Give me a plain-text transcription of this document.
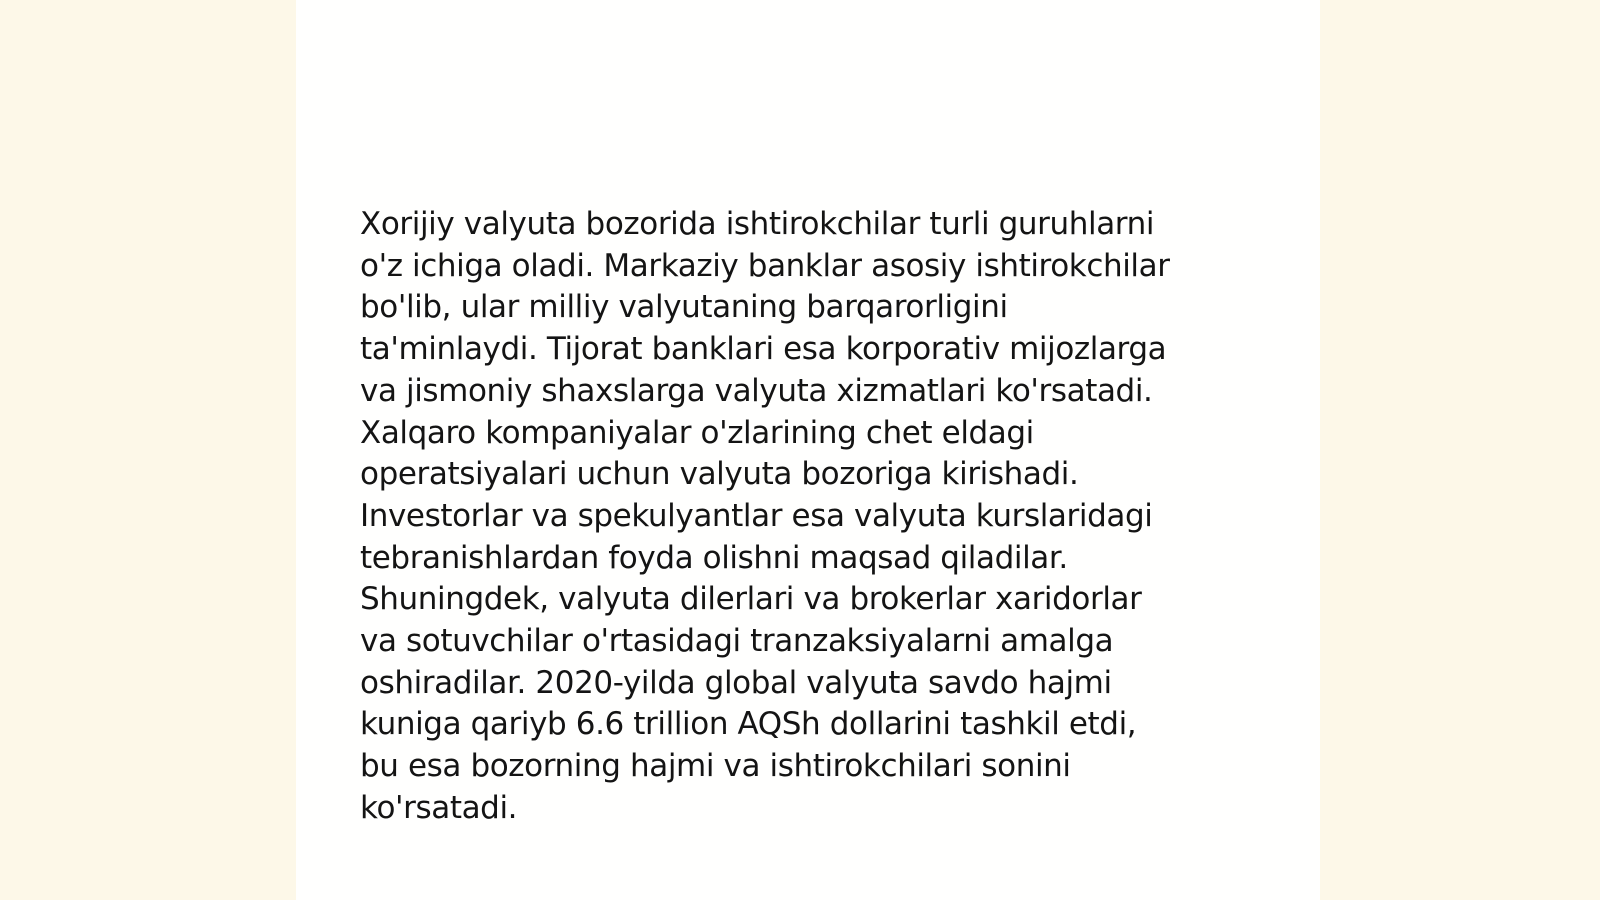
Xorijiy valyuta bozorida ishtirokchilar turli guruhlarni
o'z ichiga oladi. Markaziy banklar asosiy ishtirokchilar
bo'lib, ular milliy valyutaning barqarorligini
ta'minlaydi. Tijorat banklari esa korporativ mijozlarga
va jismoniy shaxslarga valyuta xizmatlari ko'rsatadi.
Xalqaro kompaniyalar o'zlarining chet eldagi
operatsiyalari uchun valyuta bozoriga kirishadi.
Investorlar va spekulyantlar esa valyuta kurslaridagi
tebranishlardan foyda olishni maqsad qiladilar.
Shuningdek, valyuta dilerlari va brokerlar xaridorlar
va sotuvchilar o'rtasidagi tranzaksiyalarni amalga
oshiradilar. 2020-yilda global valyuta savdo hajmi
kuniga qariyb 6.6 trillion AQSh dollarini tashkil etdi,
bu esa bozorning hajmi va ishtirokchilari sonini
ko'rsatadi.
